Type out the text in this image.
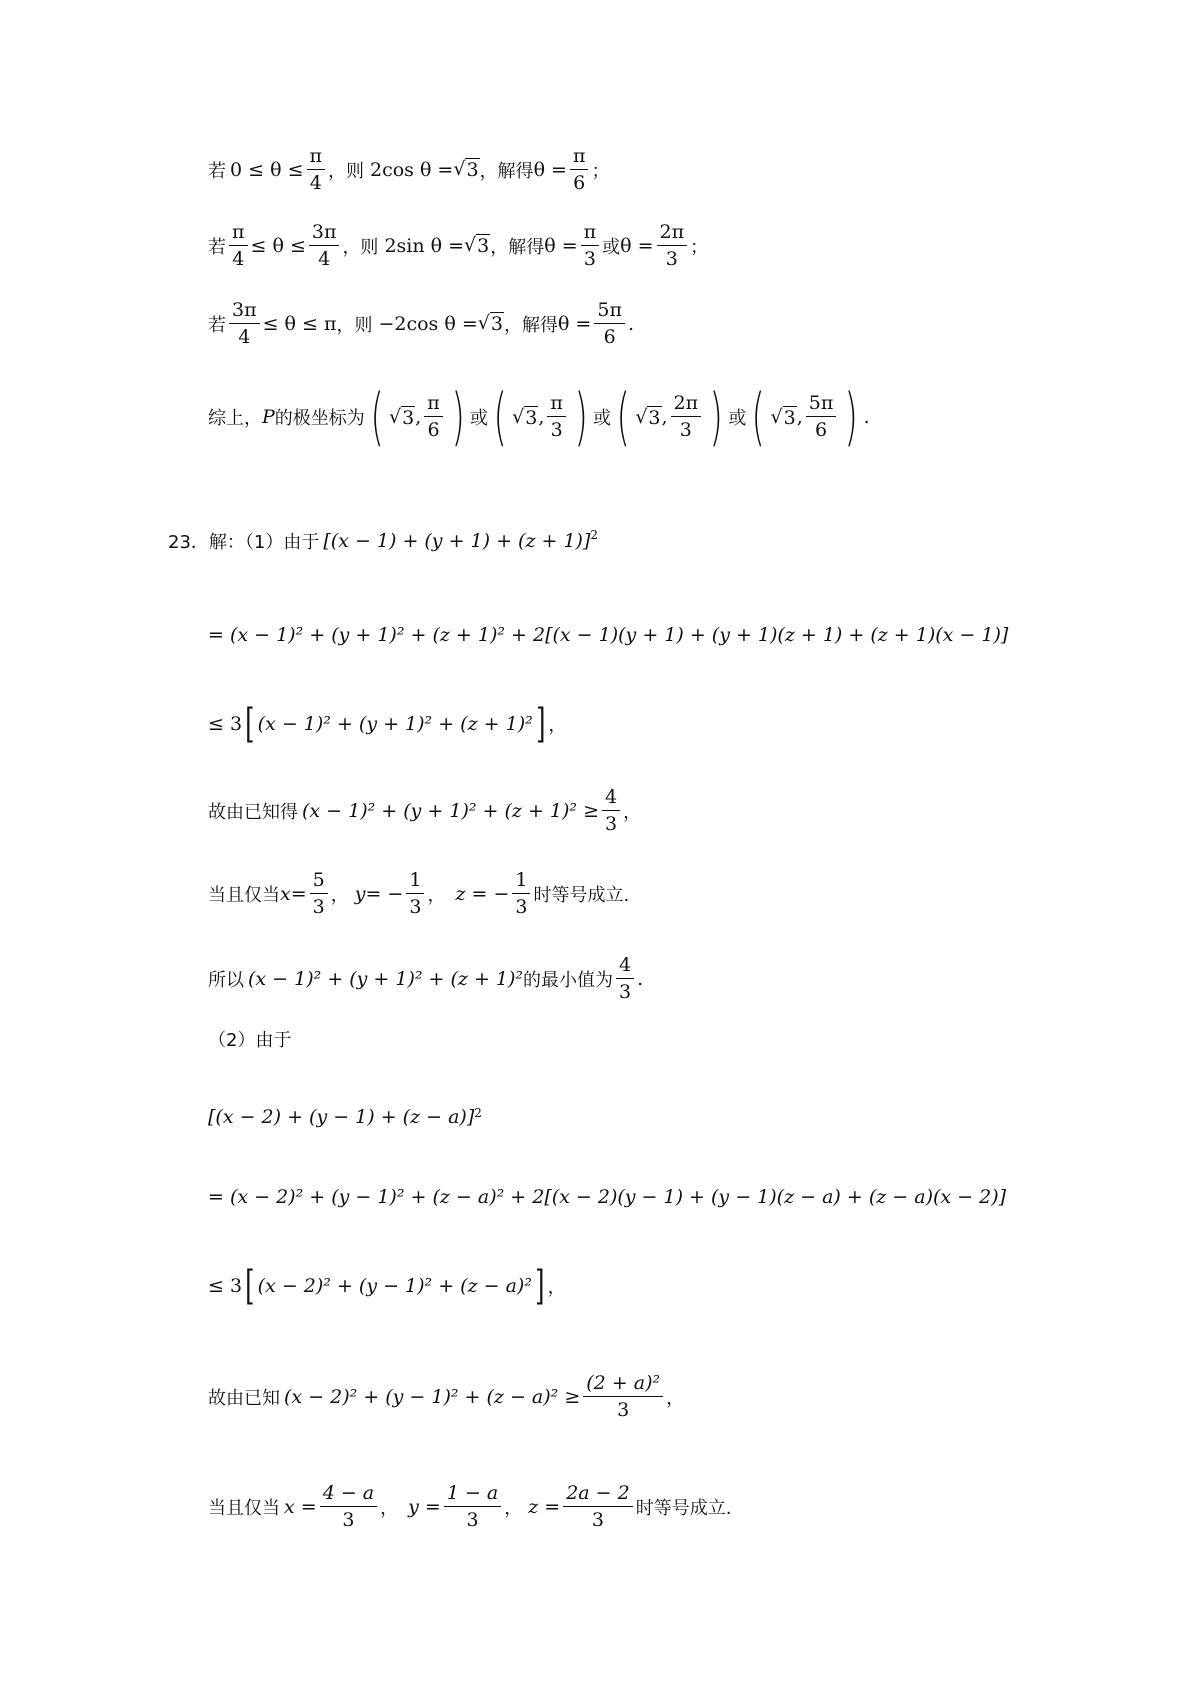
若 $0 \le \theta \le \frac{\pi}{4}$ ，则 2cos θ = √ 3 ，解得 $\theta = \frac{\pi}{6}$ ；
若 $\frac{\pi}{4} \le \theta \le \frac{3\pi}{4}$ ，则 2sin θ = √ 3 ，解得 $\theta = \frac{\pi}{3}$ 或 $\theta = \frac{2\pi}{3}$ ；
若 $\frac{3\pi}{4} \le \theta \le \pi$ ，则 −2cos θ = √ 3 ，解得 $\theta = \frac{5\pi}{6}$ .
综上， P 的极坐标为 ( √ 3 , $\frac{\pi}{6}$ ) 或 ( √ 3 , $\frac{\pi}{3}$ ) 或 ( √ 3 , $\frac{2\pi}{3}$ ) 或 ( √ 3 , $\frac{5\pi}{6}$ ) .
23．解：（1）由于 $[(x - 1) + (y + 1) + (z + 1)]^2$
= (x − 1)² + (y + 1)² + (z + 1)² + 2[(x − 1)(y + 1) + (y + 1)(z + 1) + (z + 1)(x − 1)]
≤ 3 [ (x − 1)² + (y + 1)² + (z + 1)² ] ，
故由已知得 $(x - 1)^2 + (y + 1)^2 + (z + 1)^2 \ge \frac{4}{3}$ ，
当且仅当 $x= \frac{5}{3}$ ， $y= - \frac{1}{3}$ ， z = − $\frac{1}{3}$ 时等号成立.
所以 (x − 1)² + (y + 1)² + (z + 1)² 的最小值为 $\frac{4}{3}$ .
（2）由于
$[(x - 2) + (y - 1) + (z - a)]^2$
= (x − 2)² + (y − 1)² + (z − a)² + 2[(x − 2)(y − 1) + (y − 1)(z − a) + (z − a)(x − 2)]
≤ 3 [ (x − 2)² + (y − 1)² + (z − a)² ] ，
故由已知 $(x - 2)^2 + (y - 1)^2 + (z - a)^2 \ge \frac{\text{(2 + a)²}}{3}$ ，
当且仅当 $x = \frac{4 - a}{3}$ ， $y = \frac{1 - a}{3}$ ， $z = \frac{2a - 2}{3}$ 时等号成立.
